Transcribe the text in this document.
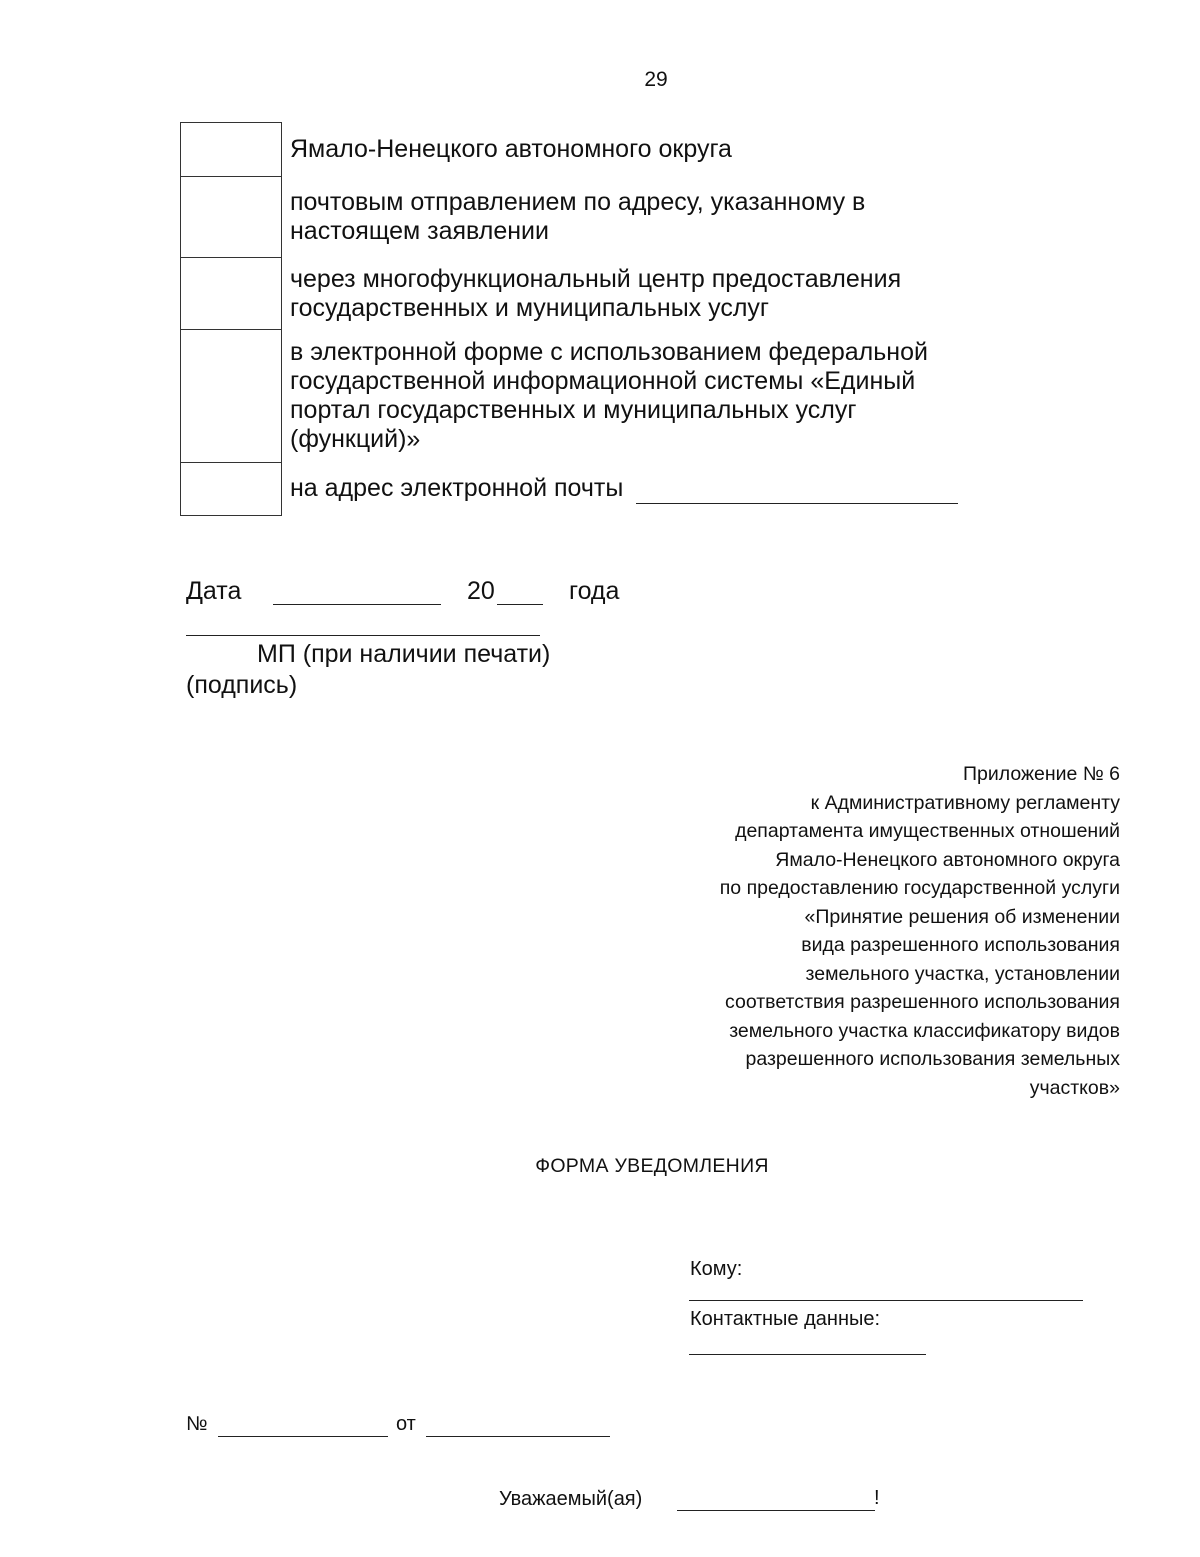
29

	Ямало-Ненецкого автономного округа

	почтовым отправлением по адресу, указанному в
настоящем заявлении

	через многофункциональный центр предоставления
государственных и муниципальных услуг

	в электронной форме с использованием федеральной
государственной информационной системы «Единый
портал государственных и муниципальных услуг
(функций)»

	на адрес электронной почты
Дата	20	года
МП (при наличии печати)
(подпись)
Приложение № 6
к Административному регламенту
департамента имущественных отношений
Ямало-Ненецкого автономного округа
по предоставлению государственной услуги
«Принятие решения об изменении
вида разрешенного использования
земельного участка, установлении
соответствия разрешенного использования
земельного участка классификатору видов
разрешенного использования земельных
участков»
ФОРМА УВЕДОМЛЕНИЯ
Кому:
Контактные данные:
№	от
Уважаемый(ая)	!
